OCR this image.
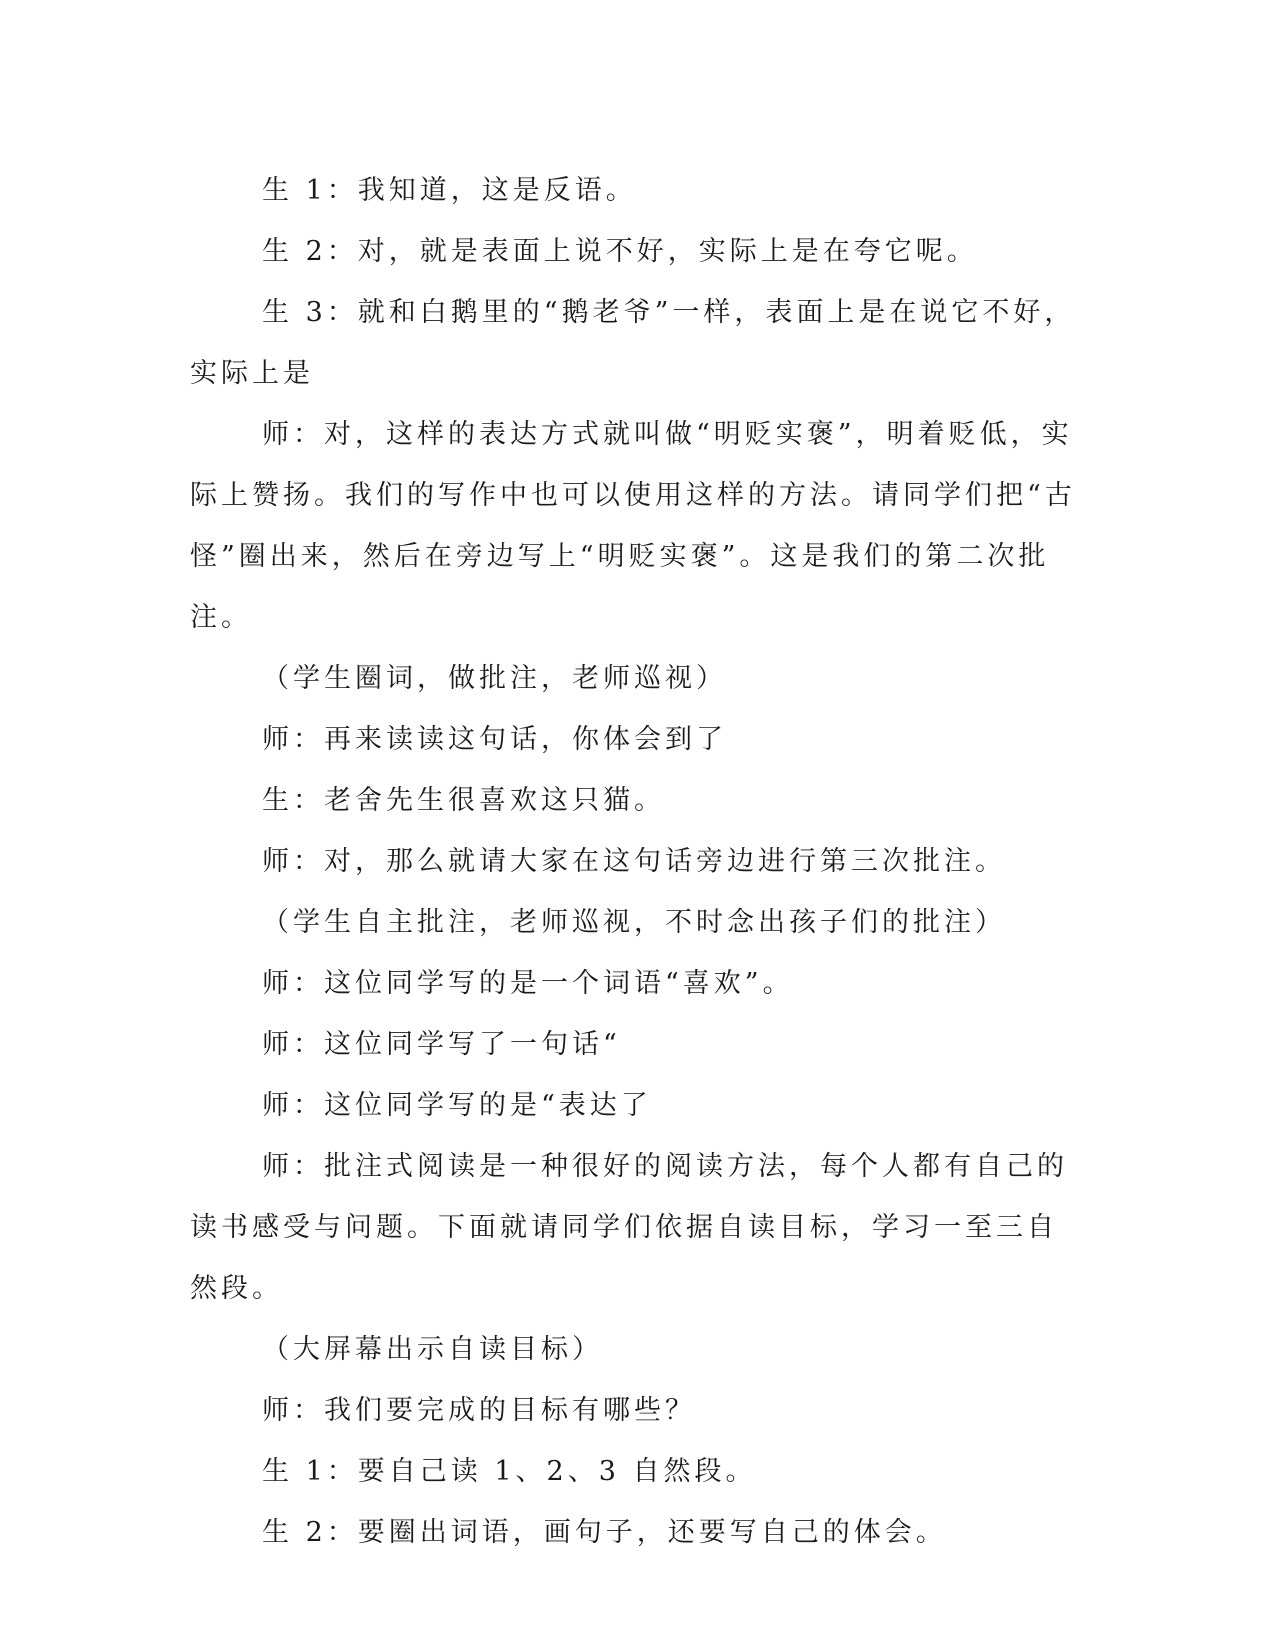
生 1：我知道，这是反语。

生 2：对，就是表面上说不好，实际上是在夸它呢。

生 3：就和白鹅里的“鹅老爷”一样，表面上是在说它不好，实际上是

师：对，这样的表达方式就叫做“明贬实褒”，明着贬低，实际上赞扬。我们的写作中也可以使用这样的方法。请同学们把“古怪”圈出来，然后在旁边写上“明贬实褒”。这是我们的第二次批注。

（学生圈词，做批注，老师巡视）

师：再来读读这句话，你体会到了

生：老舍先生很喜欢这只猫。

师：对，那么就请大家在这句话旁边进行第三次批注。

（学生自主批注，老师巡视，不时念出孩子们的批注）

师：这位同学写的是一个词语“喜欢”。

师：这位同学写了一句话“

师：这位同学写的是“表达了

师：批注式阅读是一种很好的阅读方法，每个人都有自己的读书感受与问题。下面就请同学们依据自读目标，学习一至三自然段。

（大屏幕出示自读目标）

师：我们要完成的目标有哪些？

生 1：要自己读 1、2、3 自然段。

生 2：要圈出词语，画句子，还要写自己的体会。
